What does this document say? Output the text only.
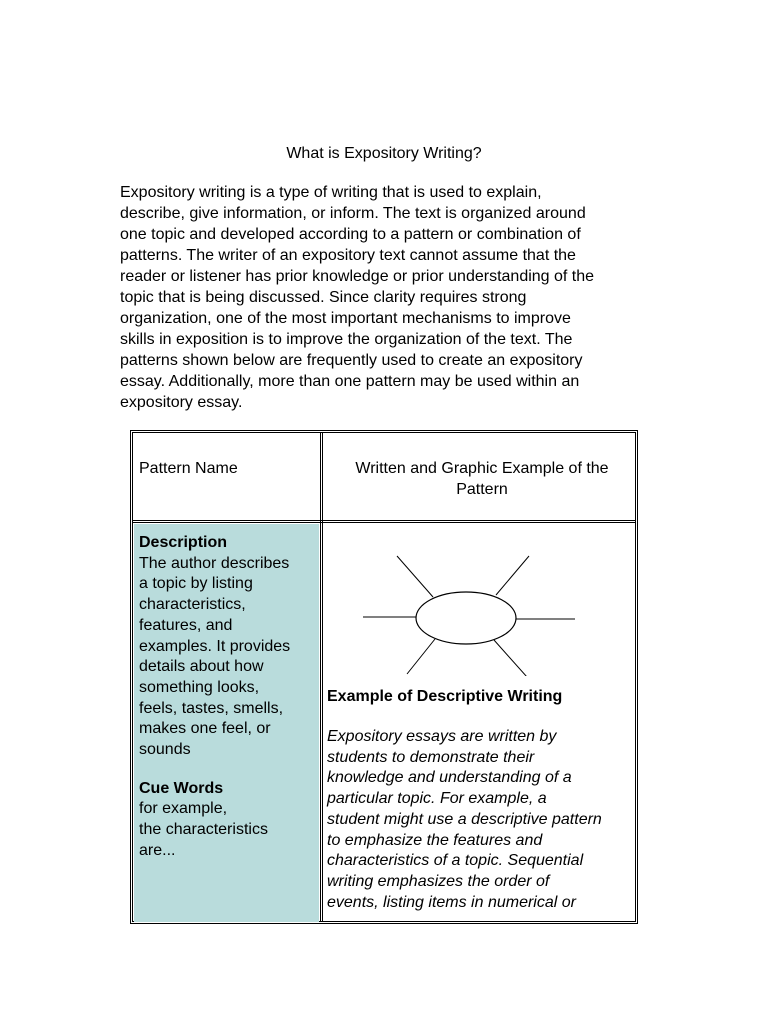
What is Expository Writing?

Expository writing is a type of writing that is used to explain,
describe, give information, or inform. The text is organized around
one topic and developed according to a pattern or combination of
patterns. The writer of an expository text cannot assume that the
reader or listener has prior knowledge or prior understanding of the
topic that is being discussed. Since clarity requires strong
organization, one of the most important mechanisms to improve
skills in exposition is to improve the organization of the text. The
patterns shown below are frequently used to create an expository
essay. Additionally, more than one pattern may be used within an
expository essay.

Pattern Name	Written and Graphic Example of the
Pattern
Description
The author describes
a topic by listing
characteristics,
features, and
examples. It provides
details about how
something looks,
feels, tastes, smells,
makes one feel, or
sounds
Cue Words
for example,
the characteristics
are...
Example of Descriptive Writing
Expository essays are written by
students to demonstrate their
knowledge and understanding of a
particular topic. For example, a
student might use a descriptive pattern
to emphasize the features and
characteristics of a topic. Sequential
writing emphasizes the order of
events, listing items in numerical or
